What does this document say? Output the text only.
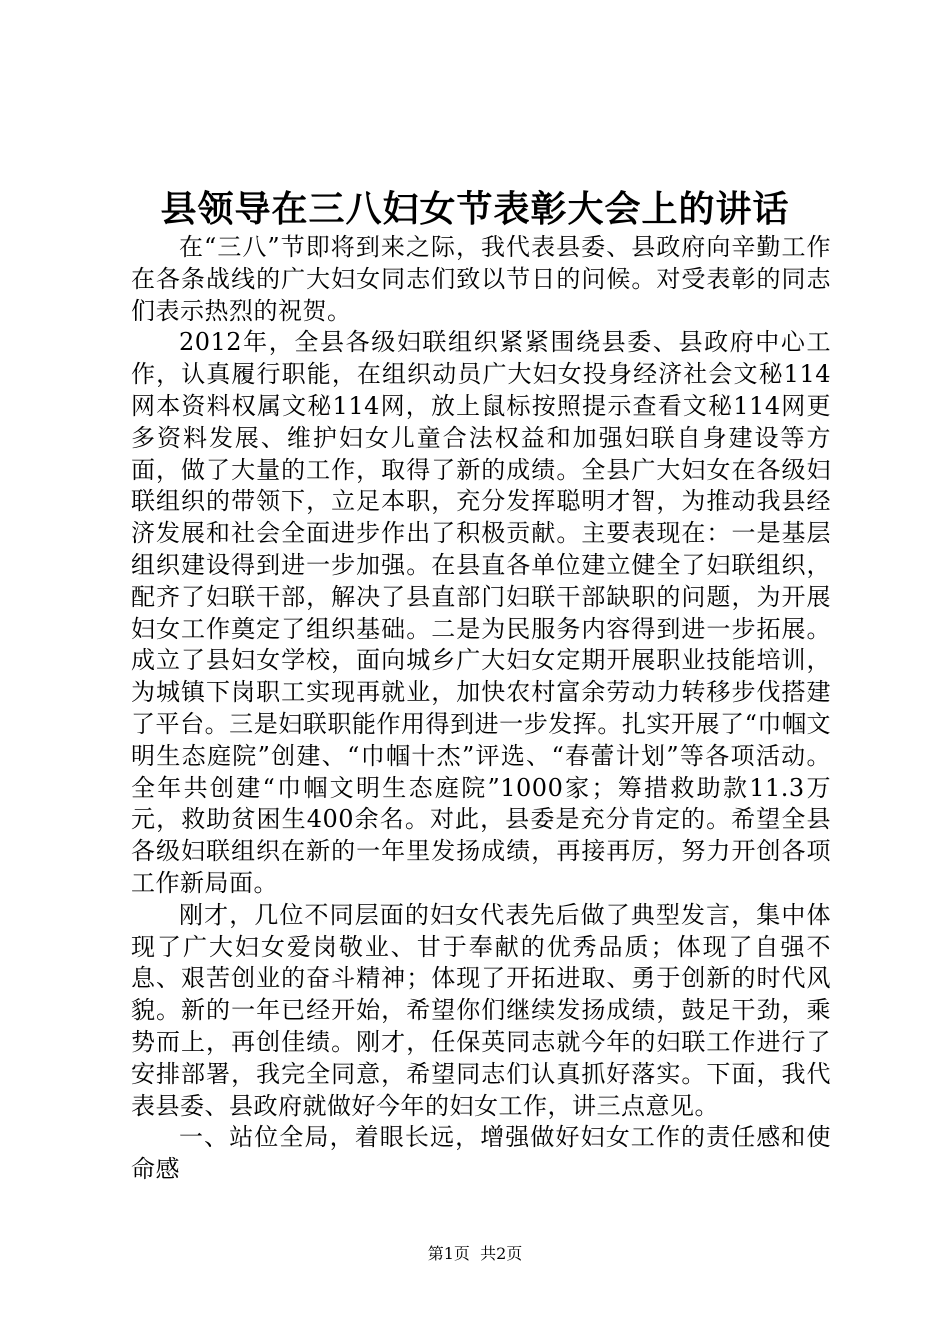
县领导在三八妇女节表彰大会上的讲话

在“三八”节即将到来之际，我代表县委、县政府向辛勤工作在各条战线的广大妇女同志们致以节日的问候。对受表彰的同志们表示热烈的祝贺。

2012年，全县各级妇联组织紧紧围绕县委、县政府中心工作，认真履行职能，在组织动员广大妇女投身经济社会文秘114网本资料权属文秘114网，放上鼠标按照提示查看文秘114网更多资料发展、维护妇女儿童合法权益和加强妇联自身建设等方面，做了大量的工作，取得了新的成绩。全县广大妇女在各级妇联组织的带领下，立足本职，充分发挥聪明才智，为推动我县经济发展和社会全面进步作出了积极贡献。主要表现在：一是基层组织建设得到进一步加强。在县直各单位建立健全了妇联组织，配齐了妇联干部，解决了县直部门妇联干部缺职的问题，为开展妇女工作奠定了组织基础。二是为民服务内容得到进一步拓展。成立了县妇女学校，面向城乡广大妇女定期开展职业技能培训，为城镇下岗职工实现再就业，加快农村富余劳动力转移步伐搭建了平台。三是妇联职能作用得到进一步发挥。扎实开展了“巾帼文明生态庭院”创建、“巾帼十杰”评选、“春蕾计划”等各项活动。全年共创建“巾帼文明生态庭院”1000家；筹措救助款11.3万元，救助贫困生400余名。对此，县委是充分肯定的。希望全县各级妇联组织在新的一年里发扬成绩，再接再厉，努力开创各项工作新局面。

刚才，几位不同层面的妇女代表先后做了典型发言，集中体现了广大妇女爱岗敬业、甘于奉献的优秀品质；体现了自强不息、艰苦创业的奋斗精神；体现了开拓进取、勇于创新的时代风貌。新的一年已经开始，希望你们继续发扬成绩，鼓足干劲，乘势而上，再创佳绩。刚才，任保英同志就今年的妇联工作进行了安排部署，我完全同意，希望同志们认真抓好落实。下面，我代表县委、县政府就做好今年的妇女工作，讲三点意见。

一、站位全局，着眼长远，增强做好妇女工作的责任感和使命感

第1页 共2页
